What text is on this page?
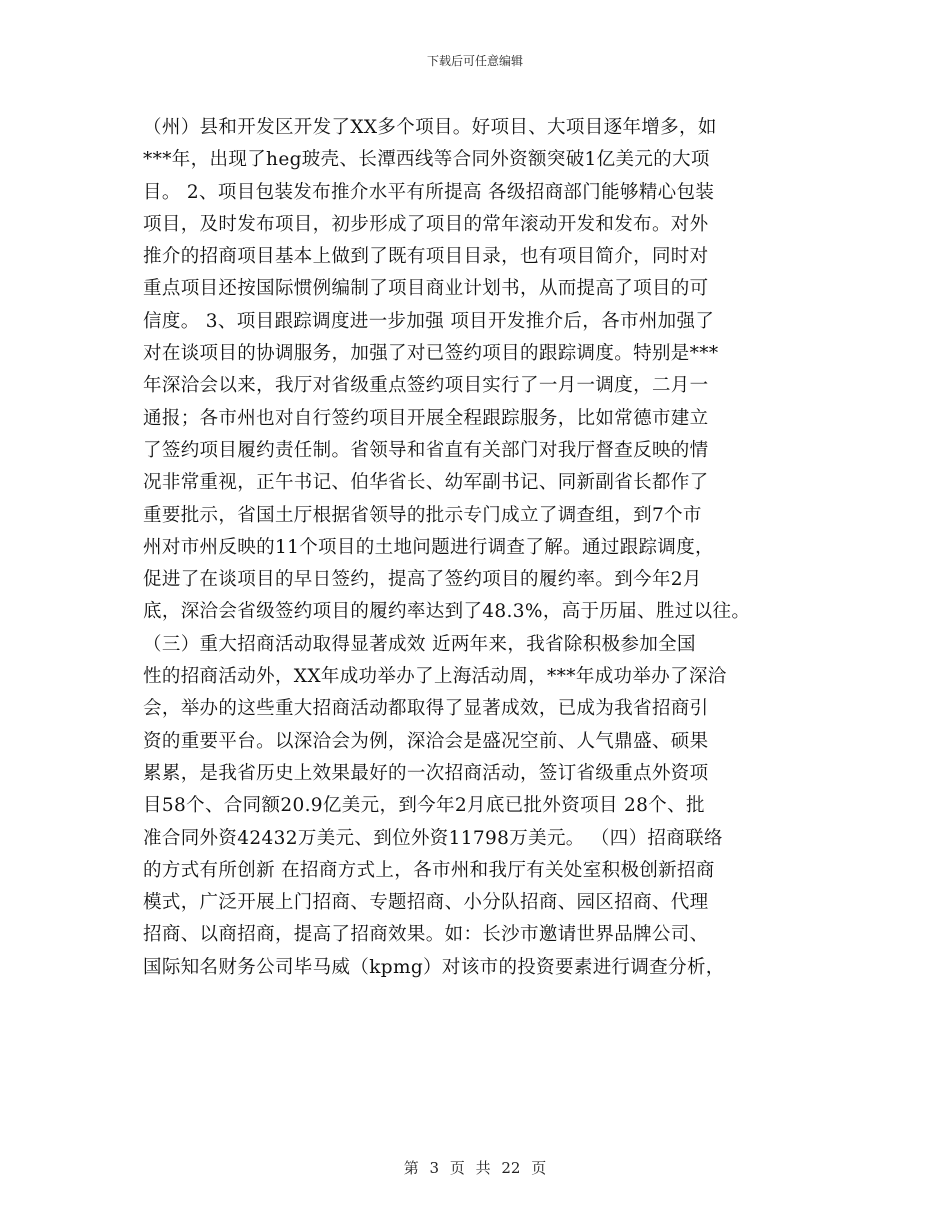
下载后可任意编辑
（州）县和开发区开发了XX多个项目。好项目、大项目逐年增多，如
***年，出现了heg玻壳、长潭西线等合同外资额突破1亿美元的大项
目。 2、项目包装发布推介水平有所提高 各级招商部门能够精心包装
项目，及时发布项目，初步形成了项目的常年滚动开发和发布。对外
推介的招商项目基本上做到了既有项目目录，也有项目简介，同时对
重点项目还按国际惯例编制了项目商业计划书，从而提高了项目的可
信度。 3、项目跟踪调度进一步加强 项目开发推介后，各市州加强了
对在谈项目的协调服务，加强了对已签约项目的跟踪调度。特别是***
年深洽会以来，我厅对省级重点签约项目实行了一月一调度，二月一
通报；各市州也对自行签约项目开展全程跟踪服务，比如常德市建立
了签约项目履约责任制。省领导和省直有关部门对我厅督查反映的情
况非常重视，正午书记、伯华省长、幼军副书记、同新副省长都作了
重要批示，省国土厅根据省领导的批示专门成立了调查组，到7个市
州对市州反映的11个项目的土地问题进行调查了解。通过跟踪调度，
促进了在谈项目的早日签约，提高了签约项目的履约率。到今年2月
底，深洽会省级签约项目的履约率达到了48.3%，高于历届、胜过以往。
（三）重大招商活动取得显著成效 近两年来，我省除积极参加全国
性的招商活动外，XX年成功举办了上海活动周，***年成功举办了深洽
会，举办的这些重大招商活动都取得了显著成效，已成为我省招商引
资的重要平台。以深洽会为例，深洽会是盛况空前、人气鼎盛、硕果
累累，是我省历史上效果最好的一次招商活动，签订省级重点外资项
目58个、合同额20.9亿美元，到今年2月底已批外资项目 28个、批
准合同外资42432万美元、到位外资11798万美元。 （四）招商联络
的方式有所创新 在招商方式上，各市州和我厅有关处室积极创新招商
模式，广泛开展上门招商、专题招商、小分队招商、园区招商、代理
招商、以商招商，提高了招商效果。如：长沙市邀请世界品牌公司、
国际知名财务公司毕马威（kpmg）对该市的投资要素进行调查分析，
第 3 页 共 22 页
